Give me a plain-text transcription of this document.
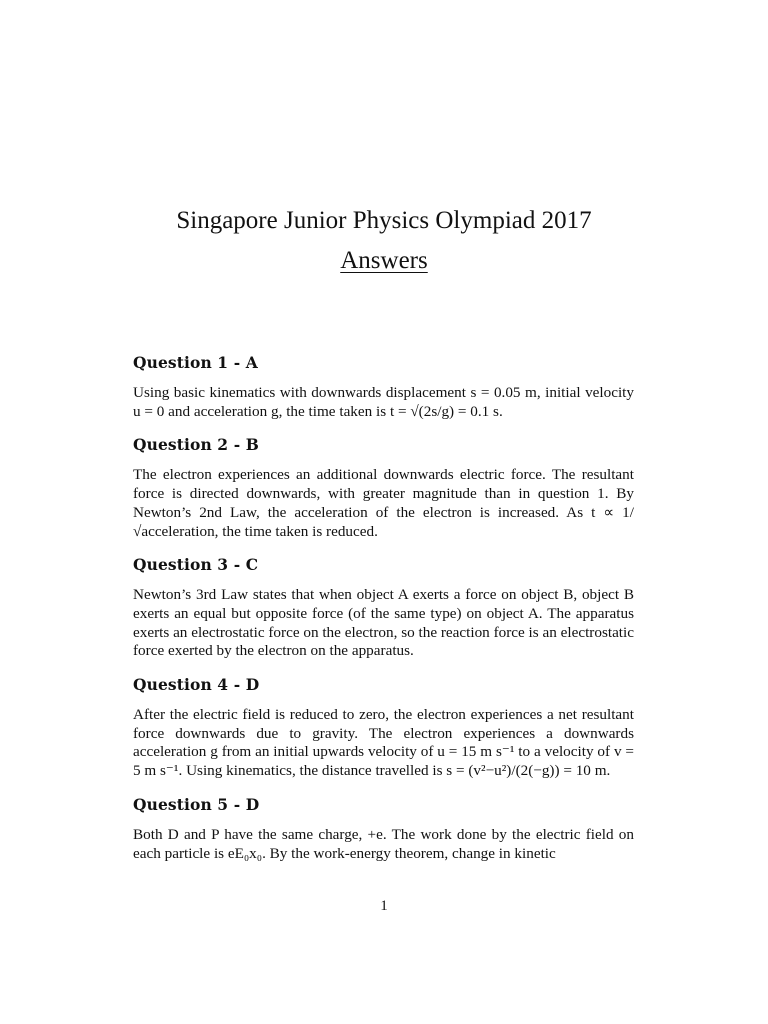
Singapore Junior Physics Olympiad 2017
Answers
Question 1 - A

Using basic kinematics with downwards displacement s = 0.05 m, initial velocity u = 0 and acceleration g, the time taken is t = √(2s/g) = 0.1 s.

Question 2 - B

The electron experiences an additional downwards electric force. The resultant force is directed downwards, with greater magnitude than in question 1. By Newton’s 2nd Law, the acceleration of the electron is increased. As t ∝ 1/√acceleration, the time taken is reduced.

Question 3 - C

Newton’s 3rd Law states that when object A exerts a force on object B, object B exerts an equal but opposite force (of the same type) on object A. The apparatus exerts an electrostatic force on the electron, so the reaction force is an electrostatic force exerted by the electron on the apparatus.

Question 4 - D

After the electric field is reduced to zero, the electron experiences a net resultant force downwards due to gravity. The electron experiences a downwards acceleration g from an initial upwards velocity of u = 15 m s⁻¹ to a velocity of v = 5 m s⁻¹. Using kinematics, the distance travelled is s = (v²−u²)/(2(−g)) = 10 m.

Question 5 - D

Both D and P have the same charge, +e. The work done by the electric field on each particle is eE₀x₀. By the work-energy theorem, change in kinetic

1
